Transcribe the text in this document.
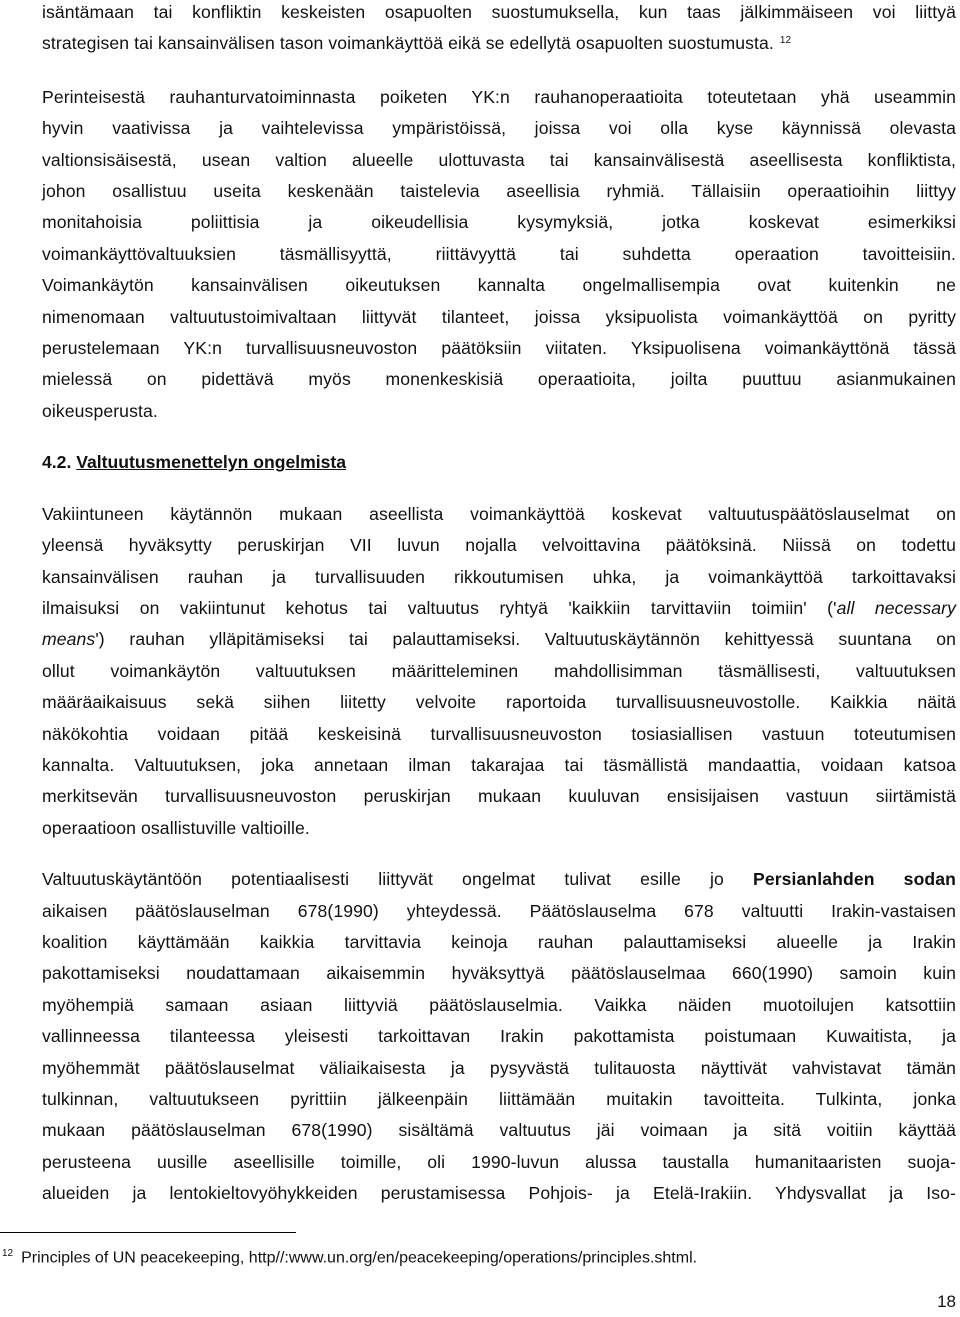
isäntämaan tai konfliktin keskeisten osapuolten suostumuksella, kun taas jälkimmäiseen voi liittyä
strategisen tai kansainvälisen tason voimankäyttöä eikä se edellytä osapuolten suostumusta. $^{12}$
Perinteisestä rauhanturvatoiminnasta poiketen YK:n rauhanoperaatioita toteutetaan yhä useammin
hyvin vaativissa ja vaihtelevissa ympäristöissä, joissa voi olla kyse käynnissä olevasta
valtionsisäisestä, usean valtion alueelle ulottuvasta tai kansainvälisestä aseellisesta konfliktista,
johon osallistuu useita keskenään taistelevia aseellisia ryhmiä. Tällaisiin operaatioihin liittyy
monitahoisia poliittisia ja oikeudellisia kysymyksiä, jotka koskevat esimerkiksi
voimankäyttövaltuuksien täsmällisyyttä, riittävyyttä tai suhdetta operaation tavoitteisiin.
Voimankäytön kansainvälisen oikeutuksen kannalta ongelmallisempia ovat kuitenkin ne
nimenomaan valtuutustoimivaltaan liittyvät tilanteet, joissa yksipuolista voimankäyttöä on pyritty
perustelemaan YK:n turvallisuusneuvoston päätöksiin viitaten. Yksipuolisena voimankäyttönä tässä
mielessä on pidettävä myös monenkeskisiä operaatioita, joilta puuttuu asianmukainen
oikeusperusta.
4.2. Valtuutusmenettelyn ongelmista
Vakiintuneen käytännön mukaan aseellista voimankäyttöä koskevat valtuutuspäätöslauselmat on
yleensä hyväksytty peruskirjan VII luvun nojalla velvoittavina päätöksinä. Niissä on todettu
kansainvälisen rauhan ja turvallisuuden rikkoutumisen uhka, ja voimankäyttöä tarkoittavaksi
ilmaisuksi on vakiintunut kehotus tai valtuutus ryhtyä 'kaikkiin tarvittaviin toimiin' ('all necessary
means') rauhan ylläpitämiseksi tai palauttamiseksi. Valtuutuskäytännön kehittyessä suuntana on
ollut voimankäytön valtuutuksen määritteleminen mahdollisimman täsmällisesti, valtuutuksen
määräaikaisuus sekä siihen liitetty velvoite raportoida turvallisuusneuvostolle. Kaikkia näitä
näkökohtia voidaan pitää keskeisinä turvallisuusneuvoston tosiasiallisen vastuun toteutumisen
kannalta. Valtuutuksen, joka annetaan ilman takarajaa tai täsmällistä mandaattia, voidaan katsoa
merkitsevän turvallisuusneuvoston peruskirjan mukaan kuuluvan ensisijaisen vastuun siirtämistä
operaatioon osallistuville valtioille.
Valtuutuskäytäntöön potentiaalisesti liittyvät ongelmat tulivat esille jo Persianlahden sodan
aikaisen päätöslauselman 678(1990) yhteydessä. Päätöslauselma 678 valtuutti Irakin-vastaisen
koalition käyttämään kaikkia tarvittavia keinoja rauhan palauttamiseksi alueelle ja Irakin
pakottamiseksi noudattamaan aikaisemmin hyväksyttyä päätöslauselmaa 660(1990) samoin kuin
myöhempiä samaan asiaan liittyviä päätöslauselmia. Vaikka näiden muotoilujen katsottiin
vallinneessa tilanteessa yleisesti tarkoittavan Irakin pakottamista poistumaan Kuwaitista, ja
myöhemmät päätöslauselmat väliaikaisesta ja pysyvästä tulitauosta näyttivät vahvistavat tämän
tulkinnan, valtuutukseen pyrittiin jälkeenpäin liittämään muitakin tavoitteita. Tulkinta, jonka
mukaan päätöslauselman 678(1990) sisältämä valtuutus jäi voimaan ja sitä voitiin käyttää
perusteena uusille aseellisille toimille, oli 1990-luvun alussa taustalla humanitaaristen suoja-
alueiden ja lentokieltovyöhykkeiden perustamisessa Pohjois- ja Etelä-Irakiin. Yhdysvallat ja Iso-
$^{12}$ Principles of UN peacekeeping, http//:www.un.org/en/peacekeeping/operations/principles.shtml.
18
